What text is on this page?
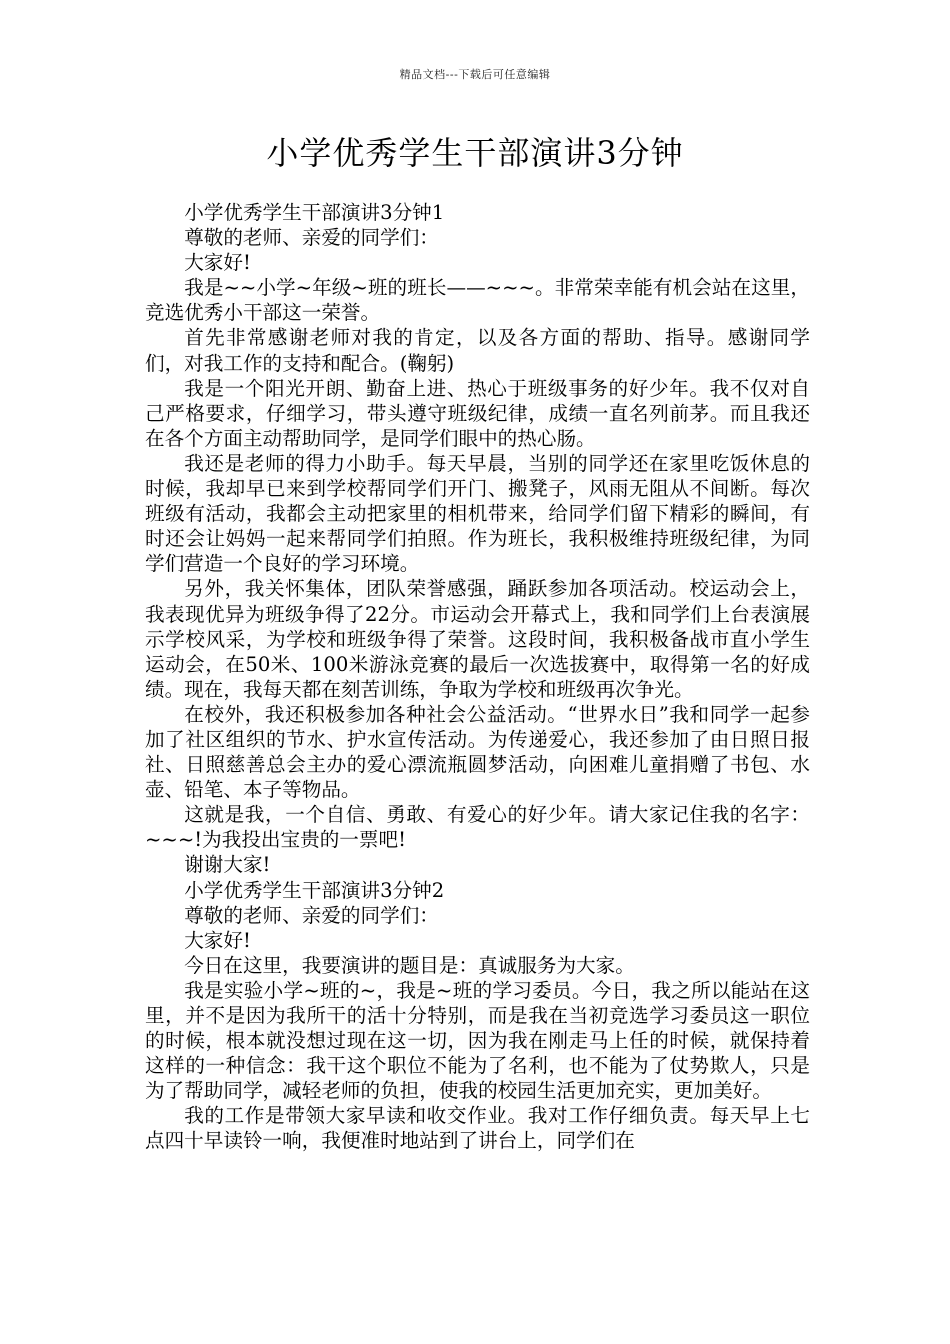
精品文档---下载后可任意编辑
小学优秀学生干部演讲3分钟

小学优秀学生干部演讲3分钟1

尊敬的老师、亲爱的同学们：

大家好!

我是~~小学~年级~班的班长——~~~。非常荣幸能有机会站在这里，竞选优秀小干部这一荣誉。

首先非常感谢老师对我的肯定，以及各方面的帮助、指导。感谢同学们，对我工作的支持和配合。(鞠躬)

我是一个阳光开朗、勤奋上进、热心于班级事务的好少年。我不仅对自己严格要求，仔细学习，带头遵守班级纪律，成绩一直名列前茅。而且我还在各个方面主动帮助同学，是同学们眼中的热心肠。

我还是老师的得力小助手。每天早晨，当别的同学还在家里吃饭休息的时候，我却早已来到学校帮同学们开门、搬凳子，风雨无阻从不间断。每次班级有活动，我都会主动把家里的相机带来，给同学们留下精彩的瞬间，有时还会让妈妈一起来帮同学们拍照。作为班长，我积极维持班级纪律，为同学们营造一个良好的学习环境。

另外，我关怀集体，团队荣誉感强，踊跃参加各项活动。校运动会上，我表现优异为班级争得了22分。市运动会开幕式上，我和同学们上台表演展示学校风采，为学校和班级争得了荣誉。这段时间，我积极备战市直小学生运动会，在50米、100米游泳竞赛的最后一次选拔赛中，取得第一名的好成绩。现在，我每天都在刻苦训练，争取为学校和班级再次争光。

在校外，我还积极参加各种社会公益活动。“世界水日”我和同学一起参加了社区组织的节水、护水宣传活动。为传递爱心，我还参加了由日照日报社、日照慈善总会主办的爱心漂流瓶圆梦活动，向困难儿童捐赠了书包、水壶、铅笔、本子等物品。

这就是我，一个自信、勇敢、有爱心的好少年。请大家记住我的名字：~~~!为我投出宝贵的一票吧!

谢谢大家!

小学优秀学生干部演讲3分钟2

尊敬的老师、亲爱的同学们：

大家好!

今日在这里，我要演讲的题目是：真诚服务为大家。

我是实验小学~班的~，我是~班的学习委员。今日，我之所以能站在这里，并不是因为我所干的活十分特别，而是我在当初竞选学习委员这一职位的时候，根本就没想过现在这一切，因为我在刚走马上任的时候，就保持着这样的一种信念：我干这个职位不能为了名利，也不能为了仗势欺人，只是为了帮助同学，减轻老师的负担，使我的校园生活更加充实，更加美好。

我的工作是带领大家早读和收交作业。我对工作仔细负责。每天早上七点四十早读铃一响，我便准时地站到了讲台上，同学们在
